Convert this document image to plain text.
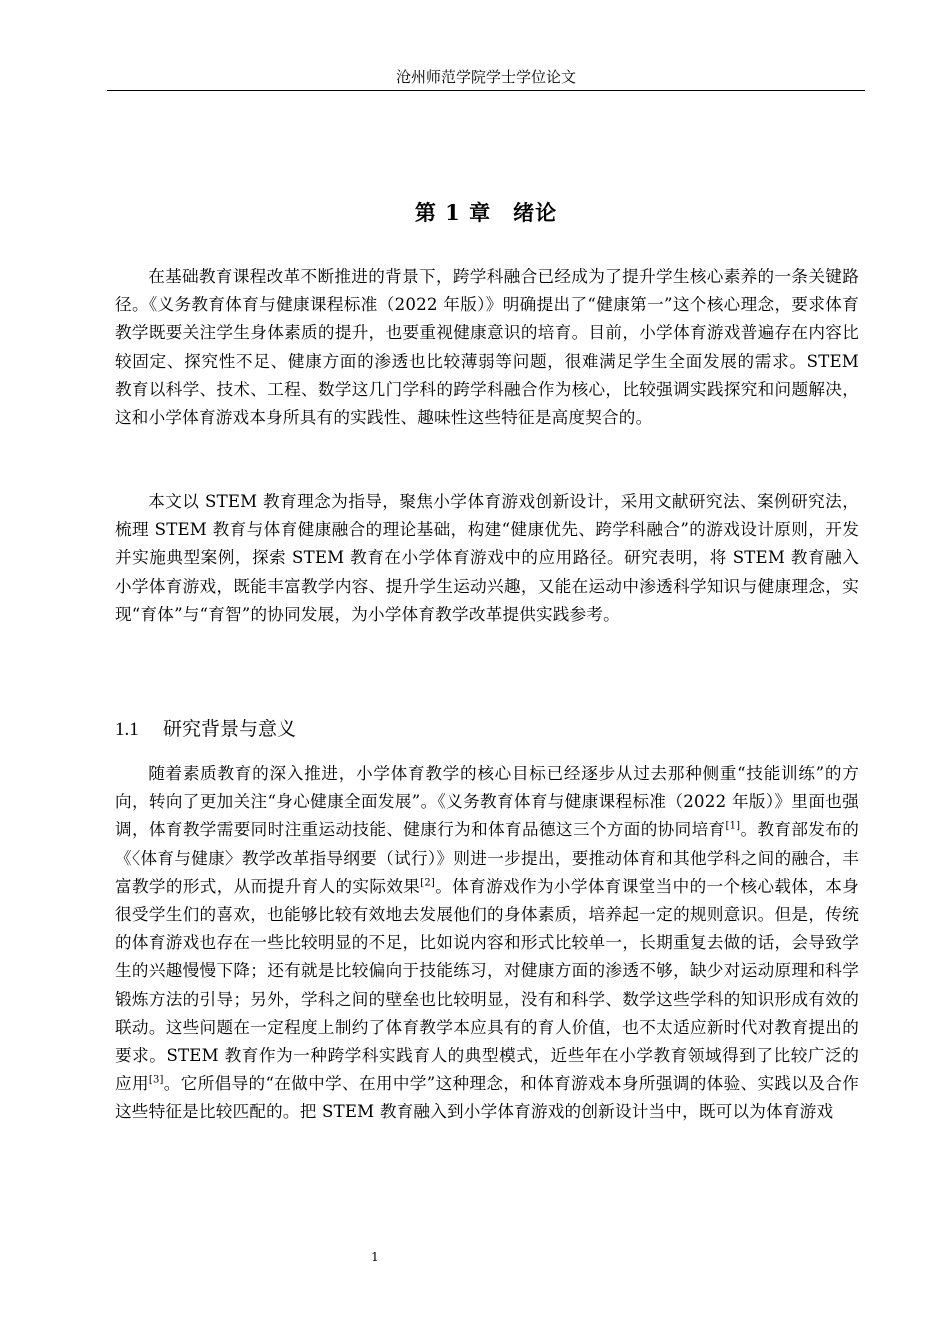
沧州师范学院学士学位论文
第 1 章 绪论

在基础教育课程改革不断推进的背景下，跨学科融合已经成为了提升学生核心素养的一条关键路径。《义务教育体育与健康课程标准（2022 年版）》明确提出了“健康第一”这个核心理念，要求体育教学既要关注学生身体素质的提升，也要重视健康意识的培育。目前，小学体育游戏普遍存在内容比较固定、探究性不足、健康方面的渗透也比较薄弱等问题，很难满足学生全面发展的需求。STEM 教育以科学、技术、工程、数学这几门学科的跨学科融合作为核心，比较强调实践探究和问题解决，这和小学体育游戏本身所具有的实践性、趣味性这些特征是高度契合的。

本文以 STEM 教育理念为指导，聚焦小学体育游戏创新设计，采用文献研究法、案例研究法，梳理 STEM 教育与体育健康融合的理论基础，构建“健康优先、跨学科融合”的游戏设计原则，开发并实施典型案例，探索 STEM 教育在小学体育游戏中的应用路径。研究表明，将 STEM 教育融入小学体育游戏，既能丰富教学内容、提升学生运动兴趣，又能在运动中渗透科学知识与健康理念，实现“育体”与“育智”的协同发展，为小学体育教学改革提供实践参考。

1.1 研究背景与意义

随着素质教育的深入推进，小学体育教学的核心目标已经逐步从过去那种侧重“技能训练”的方向，转向了更加关注“身心健康全面发展”。《义务教育体育与健康课程标准（2022 年版）》里面也强调，体育教学需要同时注重运动技能、健康行为和体育品德这三个方面的协同培育[1]。教育部发布的《〈体育与健康〉教学改革指导纲要（试行）》则进一步提出，要推动体育和其他学科之间的融合，丰富教学的形式，从而提升育人的实际效果[2]。体育游戏作为小学体育课堂当中的一个核心载体，本身很受学生们的喜欢，也能够比较有效地去发展他们的身体素质，培养起一定的规则意识。但是，传统的体育游戏也存在一些比较明显的不足，比如说内容和形式比较单一，长期重复去做的话，会导致学生的兴趣慢慢下降；还有就是比较偏向于技能练习，对健康方面的渗透不够，缺少对运动原理和科学锻炼方法的引导；另外，学科之间的壁垒也比较明显，没有和科学、数学这些学科的知识形成有效的联动。这些问题在一定程度上制约了体育教学本应具有的育人价值，也不太适应新时代对教育提出的要求。STEM 教育作为一种跨学科实践育人的典型模式，近些年在小学教育领域得到了比较广泛的应用[3]。它所倡导的“在做中学、在用中学”这种理念，和体育游戏本身所强调的体验、实践以及合作这些特征是比较匹配的。把 STEM 教育融入到小学体育游戏的创新设计当中，既可以为体育游戏

1
